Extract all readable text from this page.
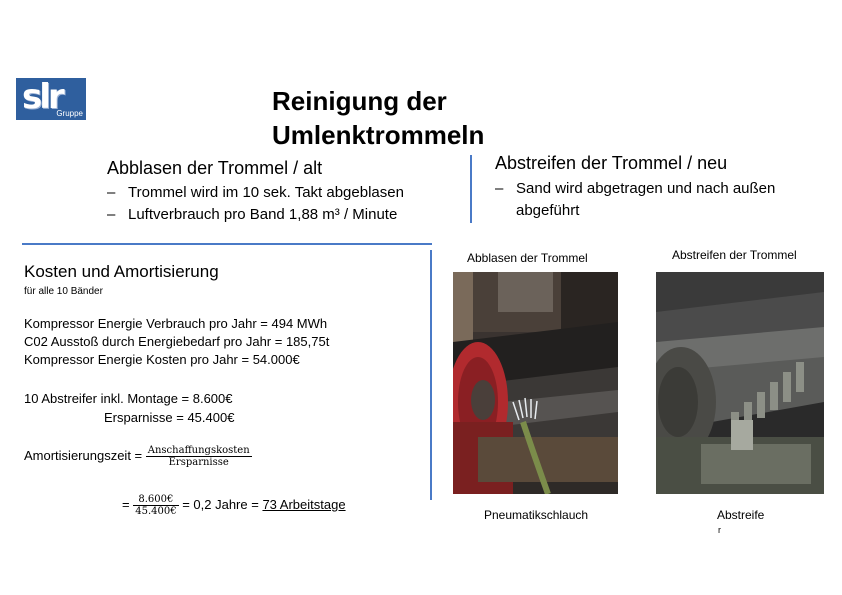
slr
Gruppe	Reinigung der
Umlenktrommeln
Abblasen der Trommel / alt
– Trommel wird im 10 sek. Takt abgeblasen
– Luftverbrauch pro Band 1,88 m³ / Minute
Abstreifen der Trommel / neu
– Sand wird abgetragen und nach außen abgeführt
Kosten und Amortisierung
für alle 10 Bänder
Kompressor Energie Verbrauch pro Jahr = 494 MWh
C02 Ausstoß durch Energiebedarf pro Jahr = 185,75t
Kompressor Energie Kosten pro Jahr = 54.000€
10 Abstreifer inkl. Montage = 8.600€
Ersparnisse = 45.400€
Amortisierungszeit = $\frac{\text{Anschaffungskosten}}{\text{Ersparnisse}}$
= $\frac{8.600€}{45.400€} = 0,2$ Jahre = 73 Arbeitstage
Abblasen der Trommel	Abstreifen der Trommel
Pneumatikschlauch	Abstreife
r
